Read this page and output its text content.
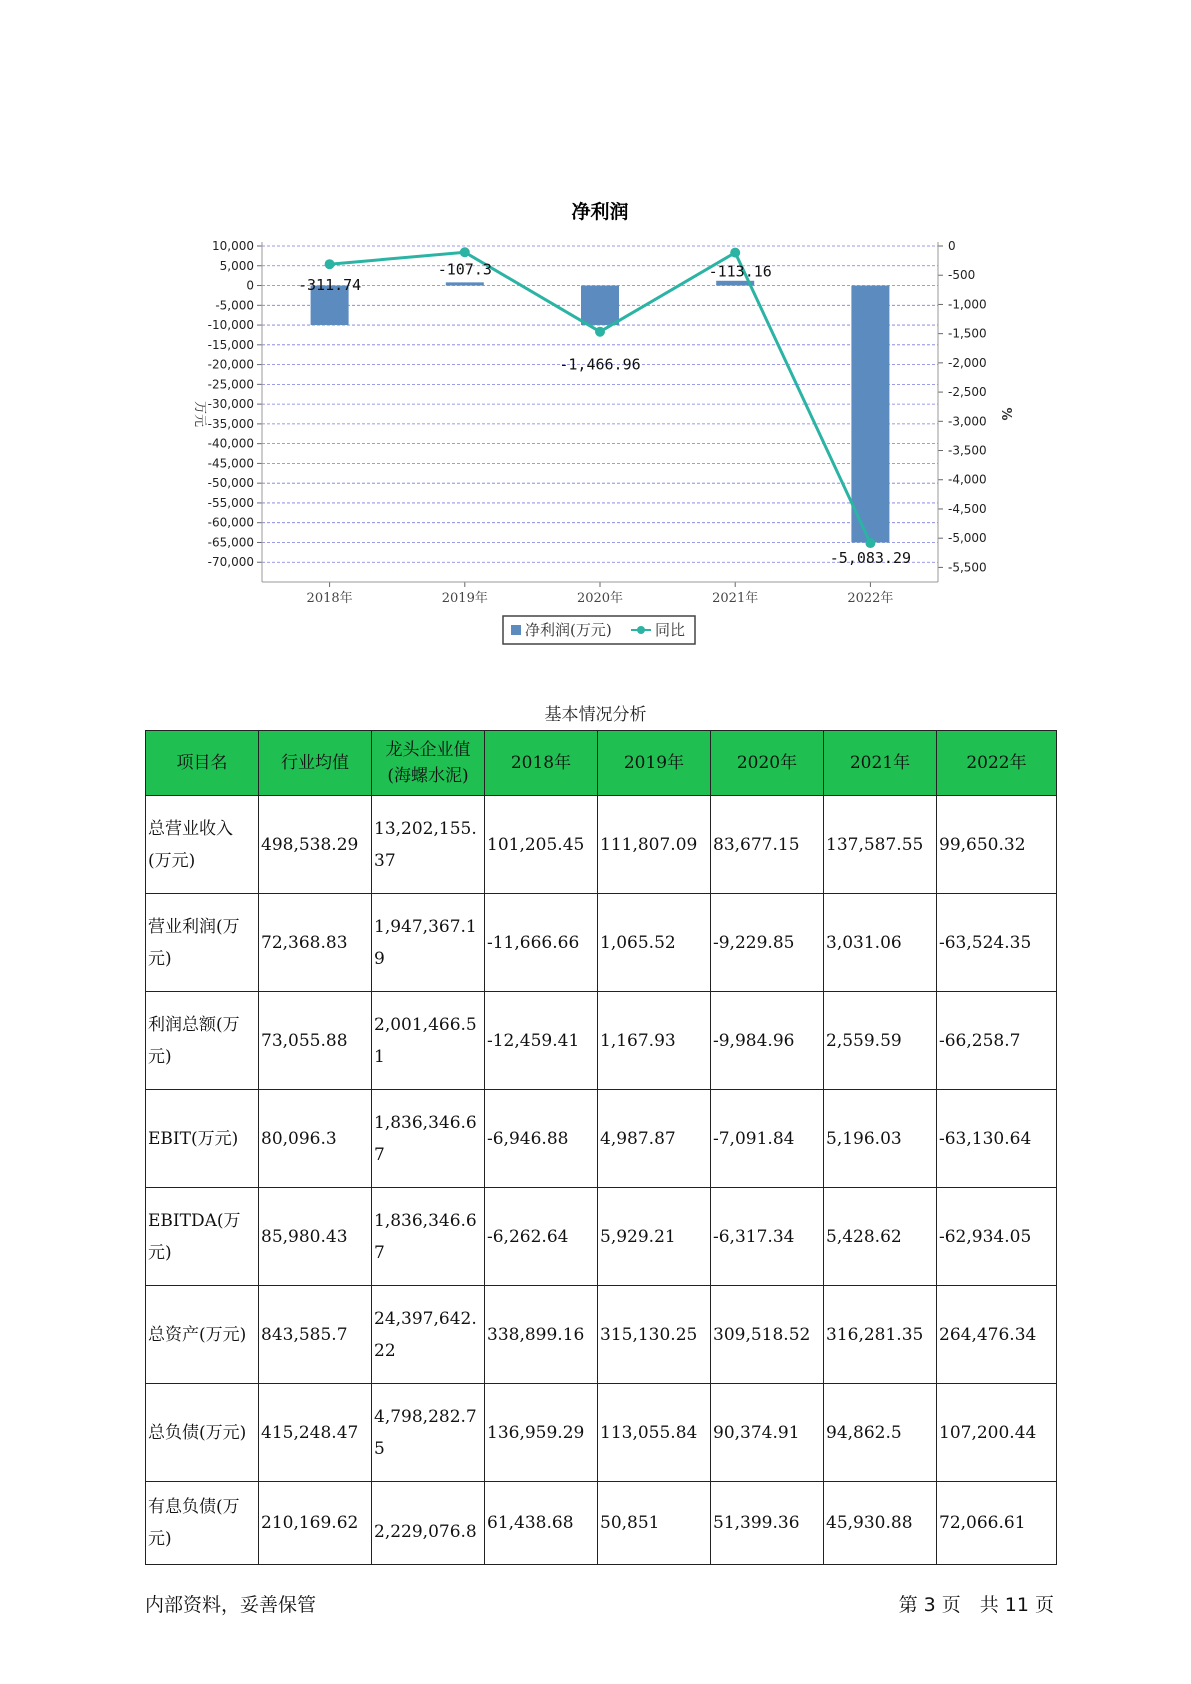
净利润
10,000
5,000
0
-5,000
-10,000
-15,000
-20,000
-25,000
-30,000
-35,000
-40,000
-45,000
-50,000
-55,000
-60,000
-65,000
-70,000
0
-500
-1,000
-1,500
-2,000
-2,500
-3,000
-3,500
-4,000
-4,500
-5,000
-5,500
-311.74
-107.3
-1,466.96
-113.16
-5,083.29
2018年	2019年	2020年	2021年	2022年
万元	%
净利润(万元)	同比
基本情况分析
项目名	行业均值	龙头企业值(海螺水泥)	2018年	2019年	2020年	2021年	2022年
总营业收入(万元)	498,538.29	13,202,155.37	101,205.45	111,807.09	83,677.15	137,587.55	99,650.32
营业利润(万元)	72,368.83	1,947,367.19	-11,666.66	1,065.52	-9,229.85	3,031.06	-63,524.35
利润总额(万元)	73,055.88	2,001,466.51	-12,459.41	1,167.93	-9,984.96	2,559.59	-66,258.7
EBIT(万元)	80,096.3	1,836,346.67	-6,946.88	4,987.87	-7,091.84	5,196.03	-63,130.64
EBITDA(万元)	85,980.43	1,836,346.67	-6,262.64	5,929.21	-6,317.34	5,428.62	-62,934.05
总资产(万元)	843,585.7	24,397,642.22	338,899.16	315,130.25	309,518.52	316,281.35	264,476.34
总负债(万元)	415,248.47	4,798,282.75	136,959.29	113,055.84	90,374.91	94,862.5	107,200.44
有息负债(万元)	210,169.62	2,229,076.8	61,438.68	50,851	51,399.36	45,930.88	72,066.61
内部资料，妥善保管	第 3 页　共 11 页
